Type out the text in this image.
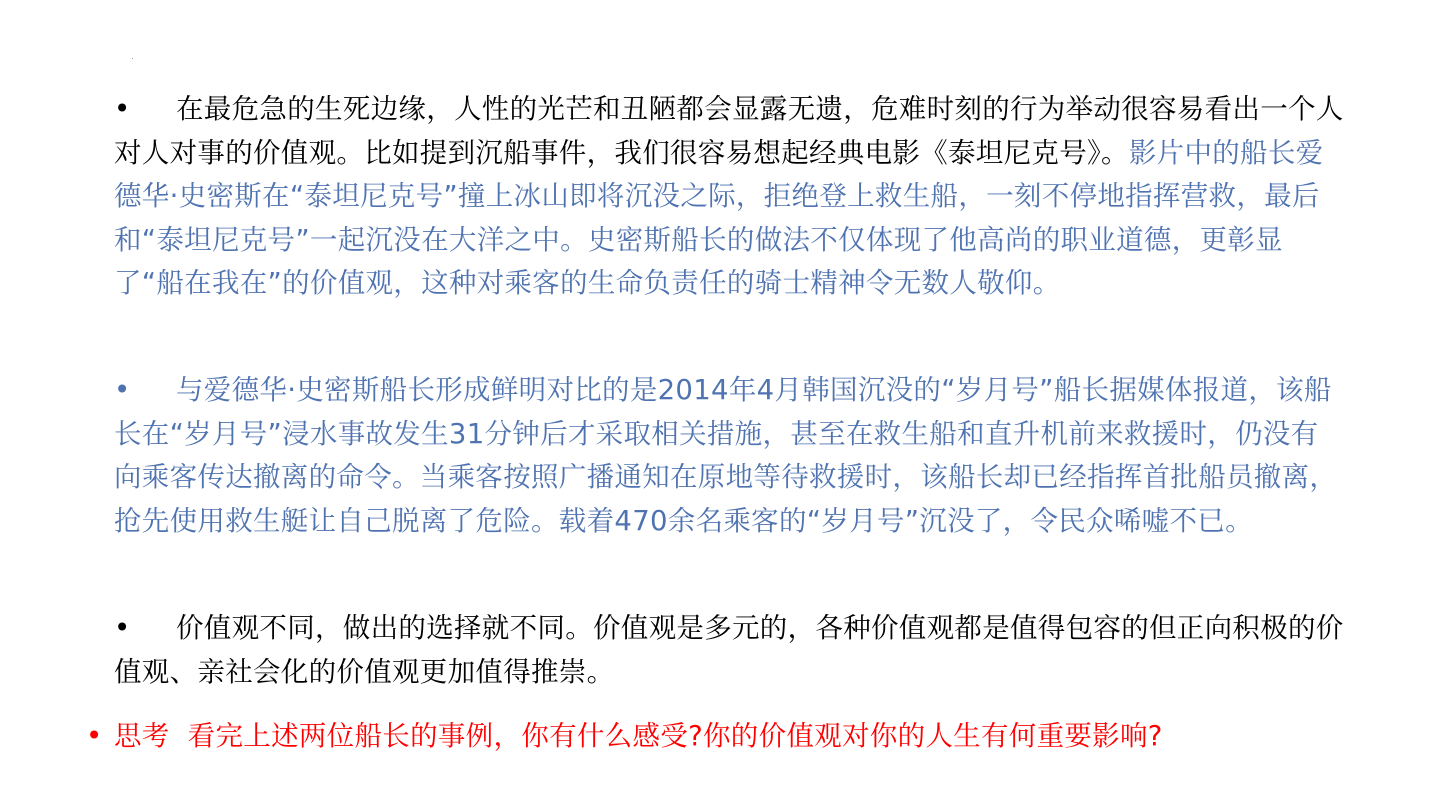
• 在最危急的生死边缘，人性的光芒和丑陋都会显露无遗，危难时刻的行为举动很容易看出一个人对人对事的价值观。比如提到沉船事件，我们很容易想起经典电影《泰坦尼克号》。影片中的船长爱德华·史密斯在“泰坦尼克号”撞上冰山即将沉没之际，拒绝登上救生船，一刻不停地指挥营救，最后和“泰坦尼克号”一起沉没在大洋之中。史密斯船长的做法不仅体现了他高尚的职业道德，更彰显了“船在我在”的价值观，这种对乘客的生命负责任的骑士精神令无数人敬仰。

• 与爱德华·史密斯船长形成鲜明对比的是2014年4月韩国沉没的“岁月号”船长据媒体报道，该船长在“岁月号”浸水事故发生31分钟后才采取相关措施，甚至在救生船和直升机前来救援时，仍没有向乘客传达撤离的命令。当乘客按照广播通知在原地等待救援时，该船长却已经指挥首批船员撤离，抢先使用救生艇让自己脱离了危险。载着470余名乘客的“岁月号”沉没了，令民众唏嘘不已。

• 价值观不同，做出的选择就不同。价值观是多元的，各种价值观都是值得包容的但正向积极的价值观、亲社会化的价值观更加值得推崇。

• 思考  看完上述两位船长的事例，你有什么感受?你的价值观对你的人生有何重要影响?
